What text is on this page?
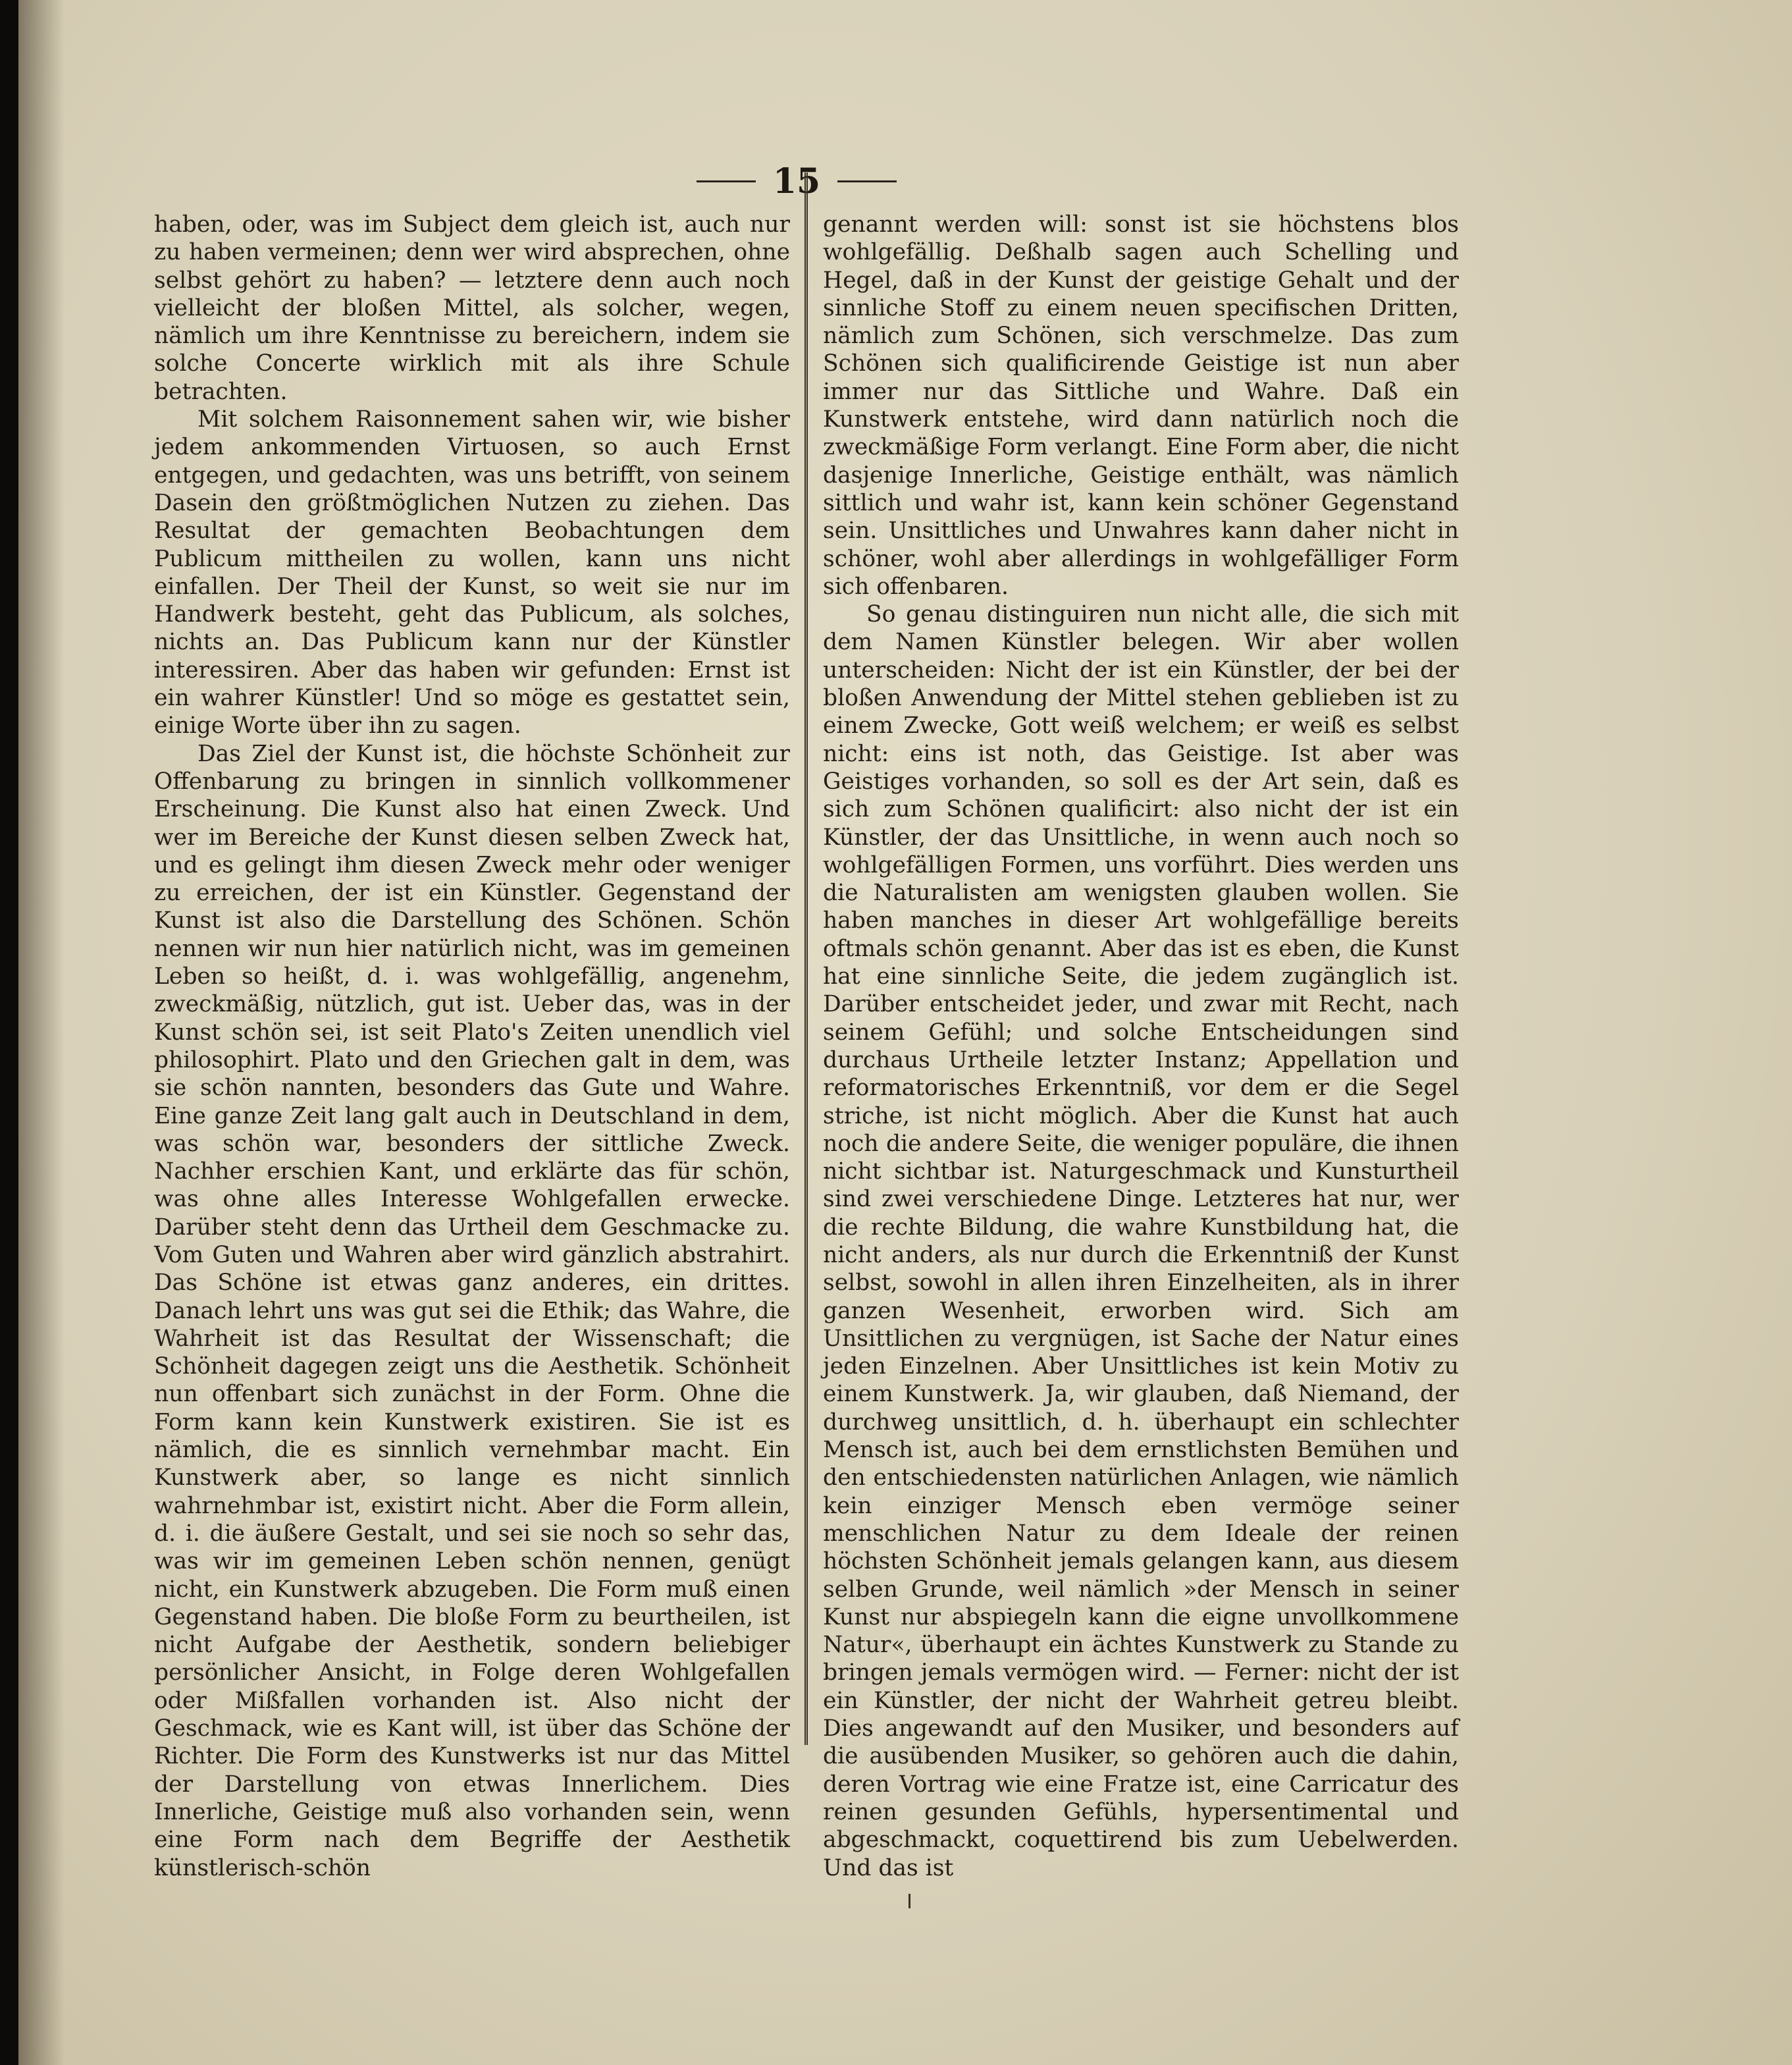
15

haben, oder, was im Subject dem gleich ist, auch nur zu haben vermeinen; denn wer wird absprechen, ohne selbst gehört zu haben? — letztere denn auch noch vielleicht der bloßen Mittel, als solcher, wegen, nämlich um ihre Kenntnisse zu bereichern, indem sie solche Concerte wirklich mit als ihre Schule betrachten.

Mit solchem Raisonnement sahen wir, wie bisher jedem ankommenden Virtuosen, so auch Ernst entgegen, und gedachten, was uns betrifft, von seinem Dasein den größtmöglichen Nutzen zu ziehen. Das Resultat der gemachten Beobachtungen dem Publicum mittheilen zu wollen, kann uns nicht einfallen. Der Theil der Kunst, so weit sie nur im Handwerk besteht, geht das Publicum, als solches, nichts an. Das Publicum kann nur der Künstler interessiren. Aber das haben wir gefunden: Ernst ist ein wahrer Künstler! Und so möge es gestattet sein, einige Worte über ihn zu sagen.

Das Ziel der Kunst ist, die höchste Schönheit zur Offenbarung zu bringen in sinnlich vollkommener Erscheinung. Die Kunst also hat einen Zweck. Und wer im Bereiche der Kunst diesen selben Zweck hat, und es gelingt ihm diesen Zweck mehr oder weniger zu erreichen, der ist ein Künstler. Gegenstand der Kunst ist also die Darstellung des Schönen. Schön nennen wir nun hier natürlich nicht, was im gemeinen Leben so heißt, d. i. was wohlgefällig, angenehm, zweckmäßig, nützlich, gut ist. Ueber das, was in der Kunst schön sei, ist seit Plato's Zeiten unendlich viel philosophirt. Plato und den Griechen galt in dem, was sie schön nannten, besonders das Gute und Wahre. Eine ganze Zeit lang galt auch in Deutschland in dem, was schön war, besonders der sittliche Zweck. Nachher erschien Kant, und erklärte das für schön, was ohne alles Interesse Wohlgefallen erwecke. Darüber steht denn das Urtheil dem Geschmacke zu. Vom Guten und Wahren aber wird gänzlich abstrahirt. Das Schöne ist etwas ganz anderes, ein drittes. Danach lehrt uns was gut sei die Ethik; das Wahre, die Wahrheit ist das Resultat der Wissenschaft; die Schönheit dagegen zeigt uns die Aesthetik. Schönheit nun offenbart sich zunächst in der Form. Ohne die Form kann kein Kunstwerk existiren. Sie ist es nämlich, die es sinnlich vernehmbar macht. Ein Kunstwerk aber, so lange es nicht sinnlich wahrnehmbar ist, existirt nicht. Aber die Form allein, d. i. die äußere Gestalt, und sei sie noch so sehr das, was wir im gemeinen Leben schön nennen, genügt nicht, ein Kunstwerk abzugeben. Die Form muß einen Gegenstand haben. Die bloße Form zu beurtheilen, ist nicht Aufgabe der Aesthetik, sondern beliebiger persönlicher Ansicht, in Folge deren Wohlgefallen oder Mißfallen vorhanden ist. Also nicht der Geschmack, wie es Kant will, ist über das Schöne der Richter. Die Form des Kunstwerks ist nur das Mittel der Darstellung von etwas Innerlichem. Dies Innerliche, Geistige muß also vorhanden sein, wenn eine Form nach dem Begriffe der Aesthetik künstlerisch-schön

genannt werden will: sonst ist sie höchstens blos wohlgefällig. Deßhalb sagen auch Schelling und Hegel, daß in der Kunst der geistige Gehalt und der sinnliche Stoff zu einem neuen specifischen Dritten, nämlich zum Schönen, sich verschmelze. Das zum Schönen sich qualificirende Geistige ist nun aber immer nur das Sittliche und Wahre. Daß ein Kunstwerk entstehe, wird dann natürlich noch die zweckmäßige Form verlangt. Eine Form aber, die nicht dasjenige Innerliche, Geistige enthält, was nämlich sittlich und wahr ist, kann kein schöner Gegenstand sein. Unsittliches und Unwahres kann daher nicht in schöner, wohl aber allerdings in wohlgefälliger Form sich offenbaren.

So genau distinguiren nun nicht alle, die sich mit dem Namen Künstler belegen. Wir aber wollen unterscheiden: Nicht der ist ein Künstler, der bei der bloßen Anwendung der Mittel stehen geblieben ist zu einem Zwecke, Gott weiß welchem; er weiß es selbst nicht: eins ist noth, das Geistige. Ist aber was Geistiges vorhanden, so soll es der Art sein, daß es sich zum Schönen qualificirt: also nicht der ist ein Künstler, der das Unsittliche, in wenn auch noch so wohlgefälligen Formen, uns vorführt. Dies werden uns die Naturalisten am wenigsten glauben wollen. Sie haben manches in dieser Art wohlgefällige bereits oftmals schön genannt. Aber das ist es eben, die Kunst hat eine sinnliche Seite, die jedem zugänglich ist. Darüber entscheidet jeder, und zwar mit Recht, nach seinem Gefühl; und solche Entscheidungen sind durchaus Urtheile letzter Instanz; Appellation und reformatorisches Erkenntniß, vor dem er die Segel striche, ist nicht möglich. Aber die Kunst hat auch noch die andere Seite, die weniger populäre, die ihnen nicht sichtbar ist. Naturgeschmack und Kunsturtheil sind zwei verschiedene Dinge. Letzteres hat nur, wer die rechte Bildung, die wahre Kunstbildung hat, die nicht anders, als nur durch die Erkenntniß der Kunst selbst, sowohl in allen ihren Einzelheiten, als in ihrer ganzen Wesenheit, erworben wird. Sich am Unsittlichen zu vergnügen, ist Sache der Natur eines jeden Einzelnen. Aber Unsittliches ist kein Motiv zu einem Kunstwerk. Ja, wir glauben, daß Niemand, der durchweg unsittlich, d. h. überhaupt ein schlechter Mensch ist, auch bei dem ernstlichsten Bemühen und den entschiedensten natürlichen Anlagen, wie nämlich kein einziger Mensch eben vermöge seiner menschlichen Natur zu dem Ideale der reinen höchsten Schönheit jemals gelangen kann, aus diesem selben Grunde, weil nämlich »der Mensch in seiner Kunst nur abspiegeln kann die eigne unvollkommene Natur«, überhaupt ein ächtes Kunstwerk zu Stande zu bringen jemals vermögen wird. — Ferner: nicht der ist ein Künstler, der nicht der Wahrheit getreu bleibt. Dies angewandt auf den Musiker, und besonders auf die ausübenden Musiker, so gehören auch die dahin, deren Vortrag wie eine Fratze ist, eine Carricatur des reinen gesunden Gefühls, hypersentimental und abgeschmackt, coquettirend bis zum Uebelwerden. Und das ist
